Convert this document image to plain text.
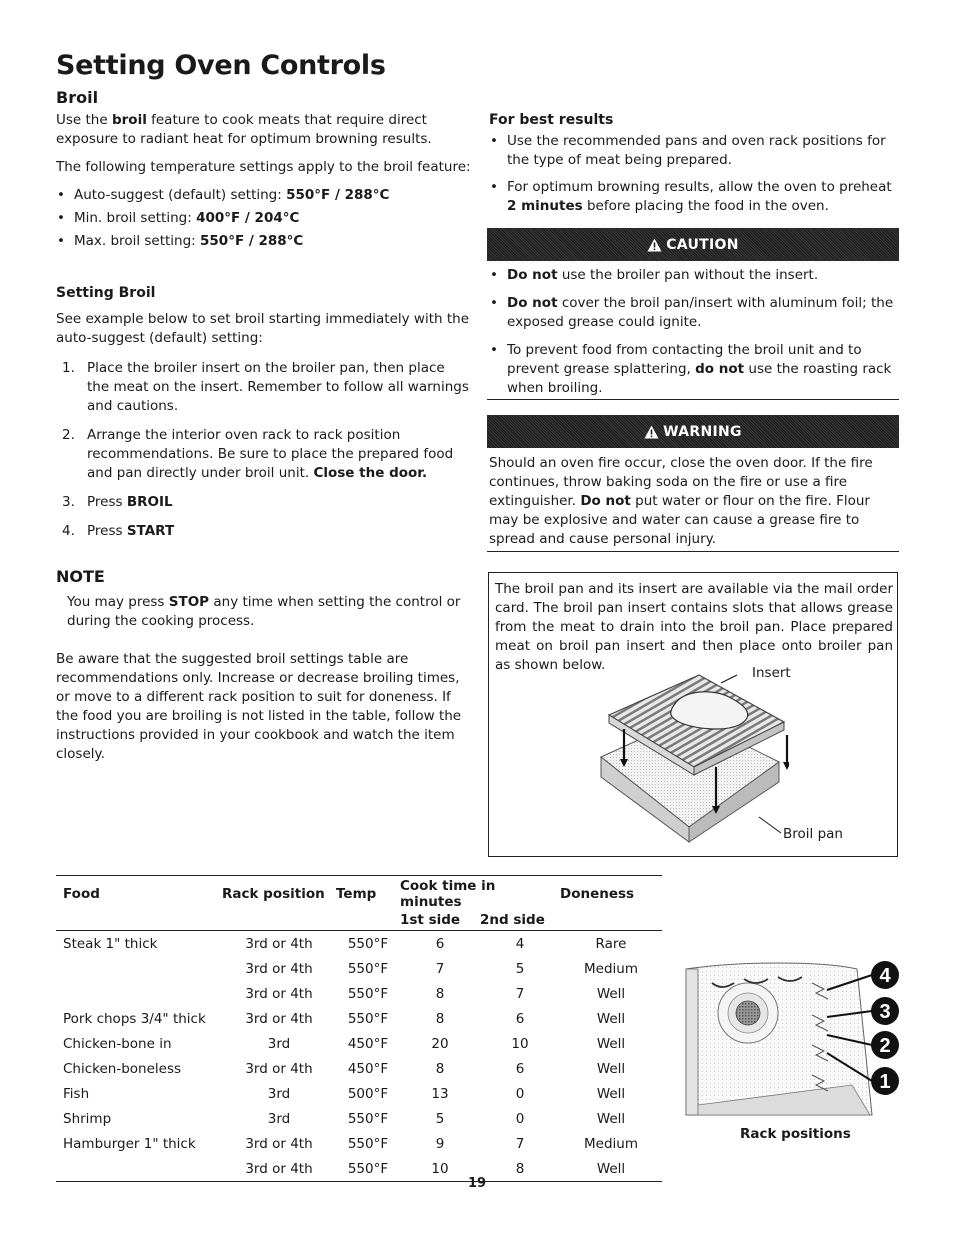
Setting Oven Controls
Broil

Use the broil feature to cook meats that require direct exposure to radiant heat for optimum browning results.

The following temperature settings apply to the broil feature:

• Auto-suggest (default) setting: 550°F / 288°C
• Min. broil setting: 400°F / 204°C
• Max. broil setting: 550°F / 288°C
Setting Broil

See example below to set broil starting immediately with the auto-suggest (default) setting:

1. Place the broiler insert on the broiler pan, then place the meat on the insert. Remember to follow all warnings and cautions.
2. Arrange the interior oven rack to rack position recommendations. Be sure to place the prepared food and pan directly under broil unit. Close the door.
3. Press BROIL
4. Press START
NOTE

You may press STOP any time when setting the control or during the cooking process.

Be aware that the suggested broil settings table are recommendations only. Increase or decrease broiling times, or move to a different rack position to suit for doneness. If the food you are broiling is not listed in the table, follow the instructions provided in your cookbook and watch the item closely.

For best results
• Use the recommended pans and oven rack positions for the type of meat being prepared.
• For optimum browning results, allow the oven to preheat 2 minutes before placing the food in the oven.
CAUTION
• Do not use the broiler pan without the insert.
• Do not cover the broil pan/insert with aluminum foil; the exposed grease could ignite.
• To prevent food from contacting the broil unit and to prevent grease splattering, do not use the roasting rack when broiling.
WARNING

Should an oven fire occur, close the oven door. If the fire continues, throw baking soda on the fire or use a fire extinguisher. Do not put water or flour on the fire. Flour may be explosive and water can cause a grease fire to spread and cause personal injury.

The broil pan and its insert are available via the mail order card. The broil pan insert contains slots that allows grease from the meat to drain into the broil pan. Place prepared meat on broil pan insert and then place onto broiler pan as shown below.	Insert
Broil pan
Food	Rack position	Temp	Cook time in minutes		Doneness
			1st side	2nd side	
Steak 1" thick	3rd or 4th	550°F	6	4	Rare
	3rd or 4th	550°F	7	5	Medium
	3rd or 4th	550°F	8	7	Well
Pork chops 3/4" thick	3rd or 4th	550°F	8	6	Well
Chicken-bone in	3rd	450°F	20	10	Well
Chicken-boneless	3rd or 4th	450°F	8	6	Well
Fish	3rd	500°F	13	0	Well
Shrimp	3rd	550°F	5	0	Well
Hamburger 1" thick	3rd or 4th	550°F	9	7	Medium
	3rd or 4th	550°F	10	8	Well
4
3
2
1
Rack positions
19
